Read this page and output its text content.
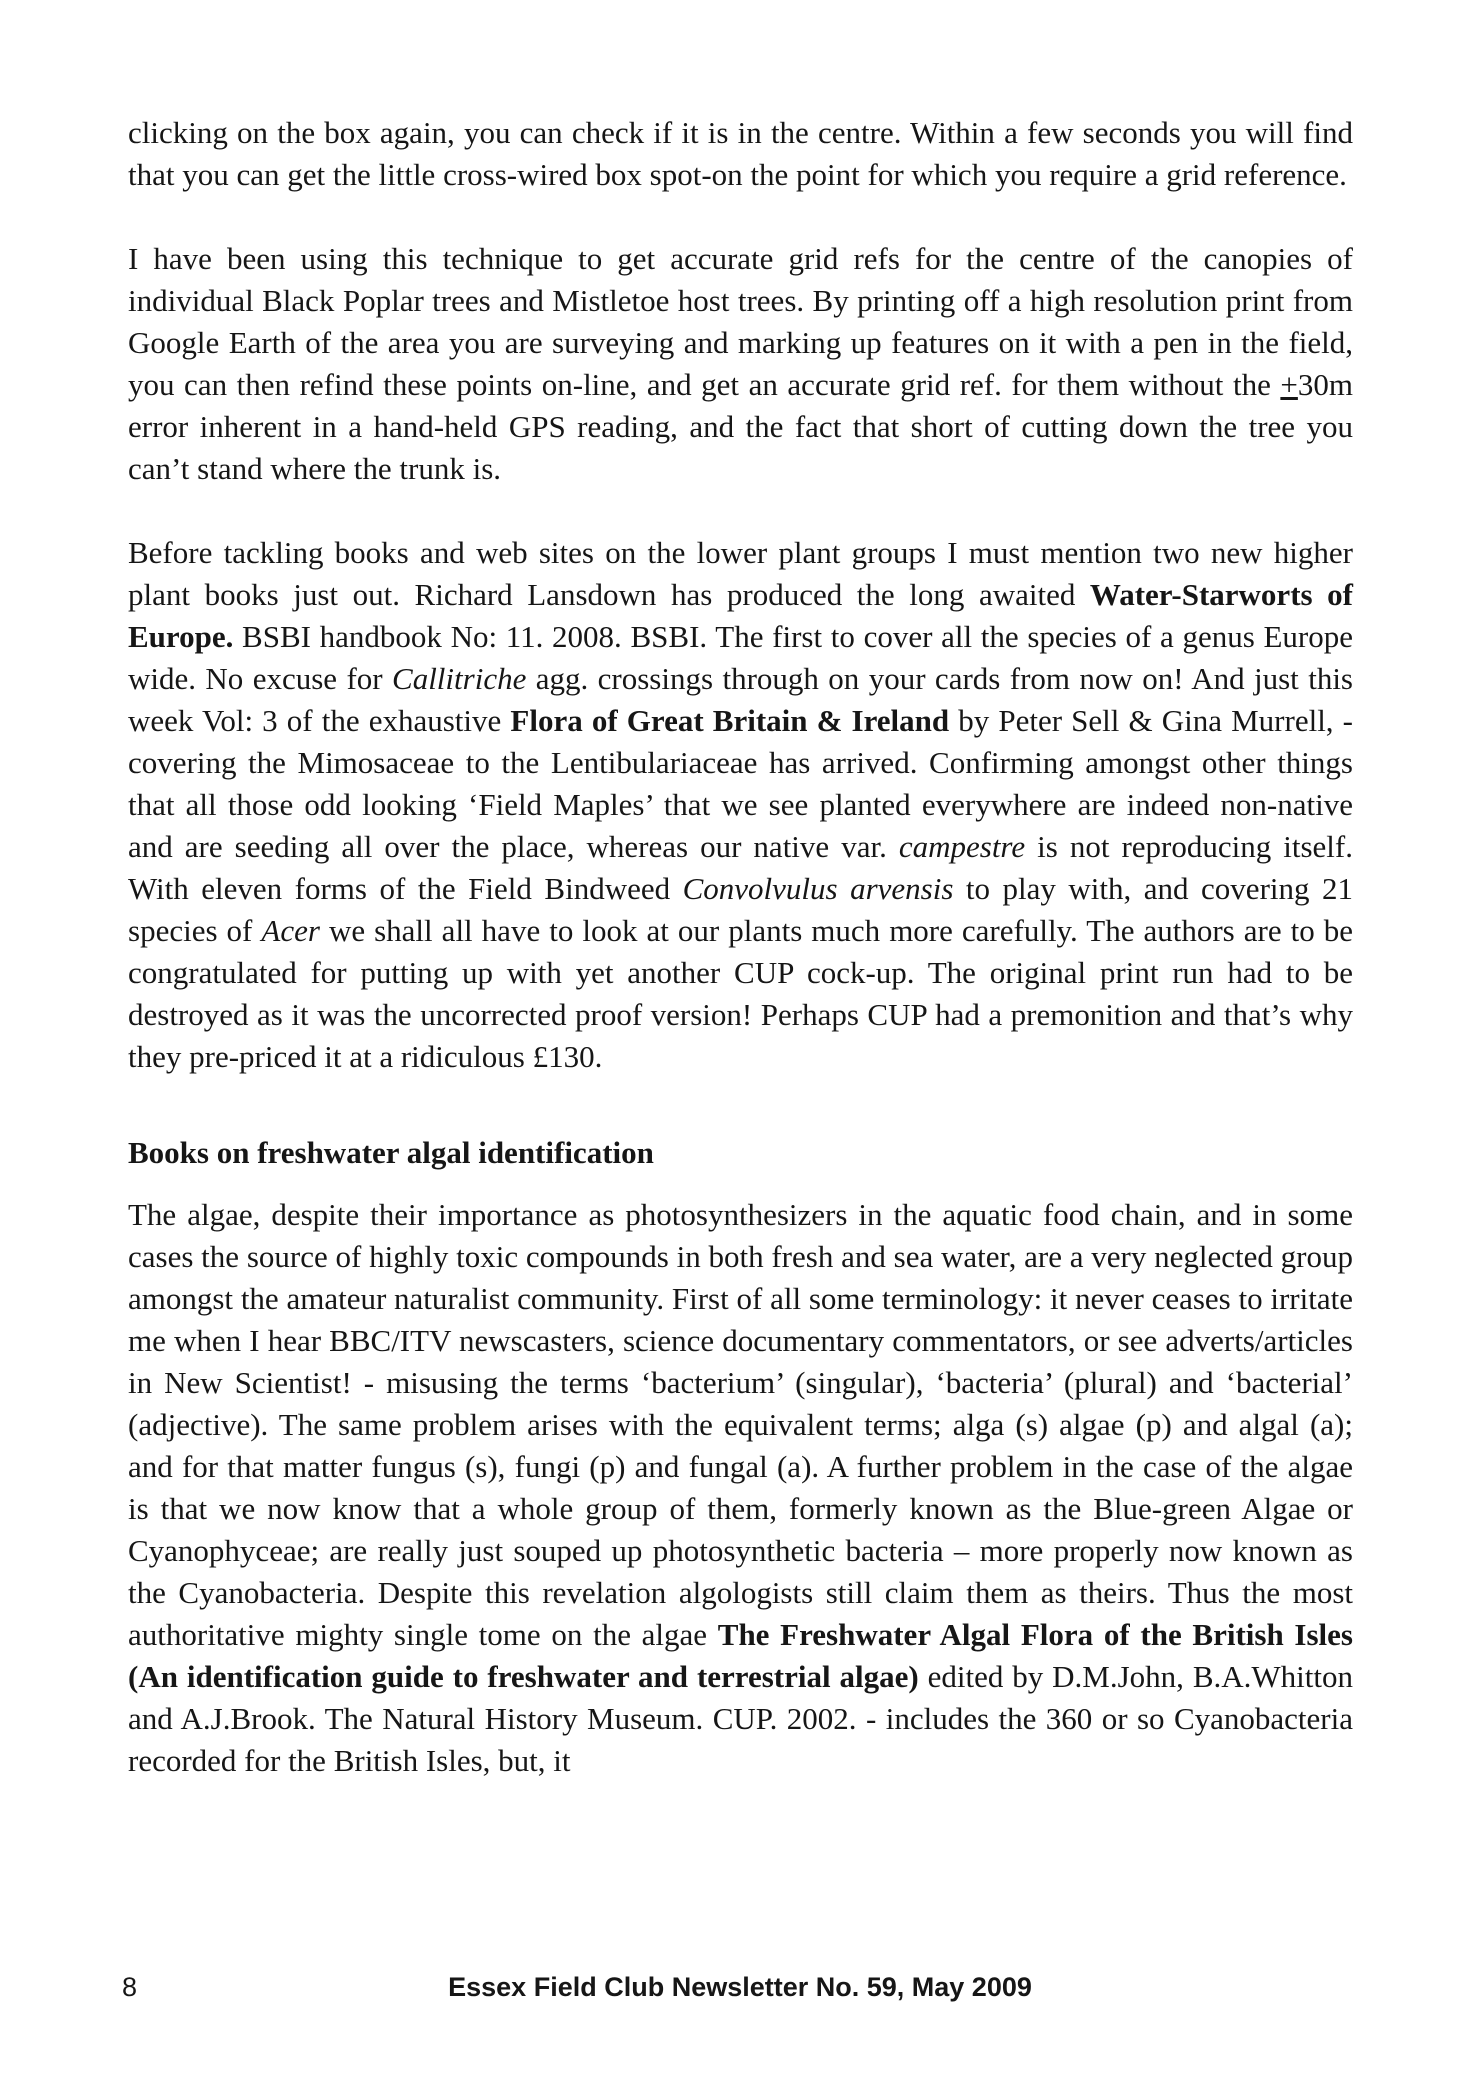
clicking on the box again, you can check if it is in the centre. Within a few seconds you will find that you can get the little cross-wired box spot-on the point for which you require a grid reference.

I have been using this technique to get accurate grid refs for the centre of the canopies of individual Black Poplar trees and Mistletoe host trees. By printing off a high resolution print from Google Earth of the area you are surveying and marking up features on it with a pen in the field, you can then refind these points on-line, and get an accurate grid ref. for them without the +30m error inherent in a hand-held GPS reading, and the fact that short of cutting down the tree you can’t stand where the trunk is.

Before tackling books and web sites on the lower plant groups I must mention two new higher plant books just out. Richard Lansdown has produced the long awaited Water-Starworts of Europe. BSBI handbook No: 11. 2008. BSBI. The first to cover all the species of a genus Europe wide. No excuse for Callitriche agg. crossings through on your cards from now on! And just this week Vol: 3 of the exhaustive Flora of Great Britain & Ireland by Peter Sell & Gina Murrell, - covering the Mimosaceae to the Lentibulariaceae has arrived. Confirming amongst other things that all those odd looking ‘Field Maples’ that we see planted everywhere are indeed non-native and are seeding all over the place, whereas our native var. campestre is not reproducing itself. With eleven forms of the Field Bindweed Convolvulus arvensis to play with, and covering 21 species of Acer we shall all have to look at our plants much more carefully. The authors are to be congratulated for putting up with yet another CUP cock-up. The original print run had to be destroyed as it was the uncorrected proof version! Perhaps CUP had a premonition and that’s why they pre-priced it at a ridiculous £130.

Books on freshwater algal identification

The algae, despite their importance as photosynthesizers in the aquatic food chain, and in some cases the source of highly toxic compounds in both fresh and sea water, are a very neglected group amongst the amateur naturalist community. First of all some terminology: it never ceases to irritate me when I hear BBC/ITV newscasters, science documentary commentators, or see adverts/articles in New Scientist! - misusing the terms ‘bacterium’ (singular), ‘bacteria’ (plural) and ‘bacterial’ (adjective). The same problem arises with the equivalent terms; alga (s) algae (p) and algal (a); and for that matter fungus (s), fungi (p) and fungal (a). A further problem in the case of the algae is that we now know that a whole group of them, formerly known as the Blue-green Algae or Cyanophyceae; are really just souped up photosynthetic bacteria – more properly now known as the Cyanobacteria. Despite this revelation algologists still claim them as theirs. Thus the most authoritative mighty single tome on the algae The Freshwater Algal Flora of the British Isles (An identification guide to freshwater and terrestrial algae) edited by D.M.John, B.A.Whitton and A.J.Brook. The Natural History Museum. CUP. 2002. - includes the 360 or so Cyanobacteria recorded for the British Isles, but, it

8	Essex Field Club Newsletter No. 59, May 2009
